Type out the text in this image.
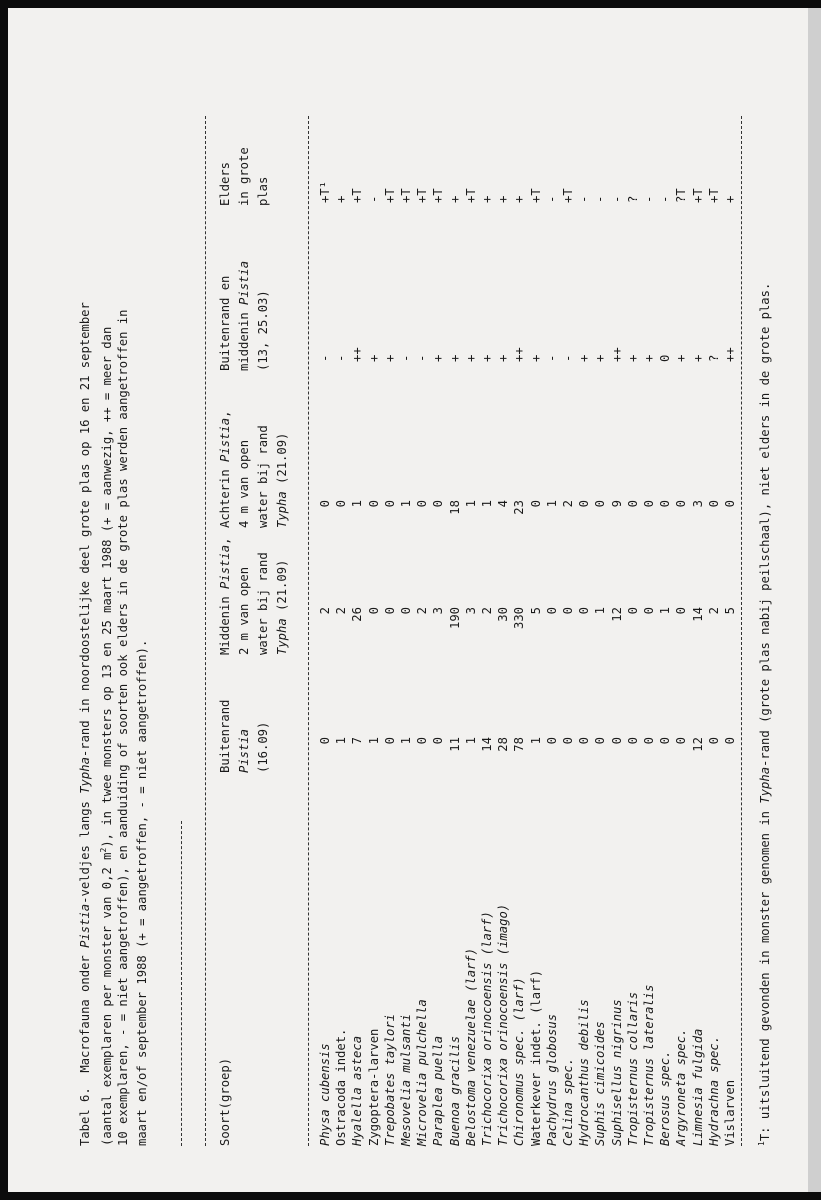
Tabel 6.  Macrofauna onder Pistia-veldjes langs Typha-rand in noordoostelijke deel grote plas op 16 en 21 september
(aantal exemplaren per monster van 0,2 $m^2$), in twee monsters op 13 en 25 maart 1988 (+ = aanwezig, ++ = meer dan 10 exemplaren, - = niet aangetroffen), en aanduiding of soorten ook elders in de grote plas werden aangetroffen in maart en/of september 1988 (+ = aangetroffen, - = niet aangetroffen).	Soort(groep)
Buitenrand Pistia (16.09)
Middenin Pistia,
2 m van open water bij rand Typha (21.09)
Achterin Pistia,
4 m van open water bij rand Typha (21.09)
Buitenrand en middenin Pistia
(13, 25.03)
Elders in grote plas
Physa cubensis Ostracoda indet. Hyalella asteca Zygoptera-larven Trepobates taylori Mesovelia mulsanti Microvelia pulchella Paraplea puella Buenoa gracilis Belostoma venezuelae (larf) Trichocorixa orinocoensis (larf) Trichocorixa orinocoensis (imago) Chironomus spec. (larf) Waterkever indet. (larf) Pachydrus globosus Celina spec. Hydrocanthus debilis Suphis cimicoides Suphisellus nigrinus Tropisternus collaris Tropisternus lateralis Berosus spec. Argyroneta spec. Limnesia fulgida Hydrachna spec. Vislarven
0 1 7 1 0 1 0 0 11 1 14 28 78 1 0 0 0 0 0 0 0 0 0 12 0 0
2 2 26 0 0 0 2 3 190 3 2 30 330 5 0 0 0 1 12 0 0 1 0 14 2 5
0 0 1 0 0 1 0 0 18 1 1 4 23 0 1 2 0 0 9 0 0 0 0 3 0 0
- - ++ + + - - + + + + + ++ + - - + + ++ + + 0 + + ? ++
+T¹ + +T - +T +T +T +T + +T + + + +T - +T - - - ? - - ?T +T +T +
$^1$T: uitsluitend gevonden in monster genomen in Typha-rand (grote plas nabij peilschaal), niet elders in de grote plas.
